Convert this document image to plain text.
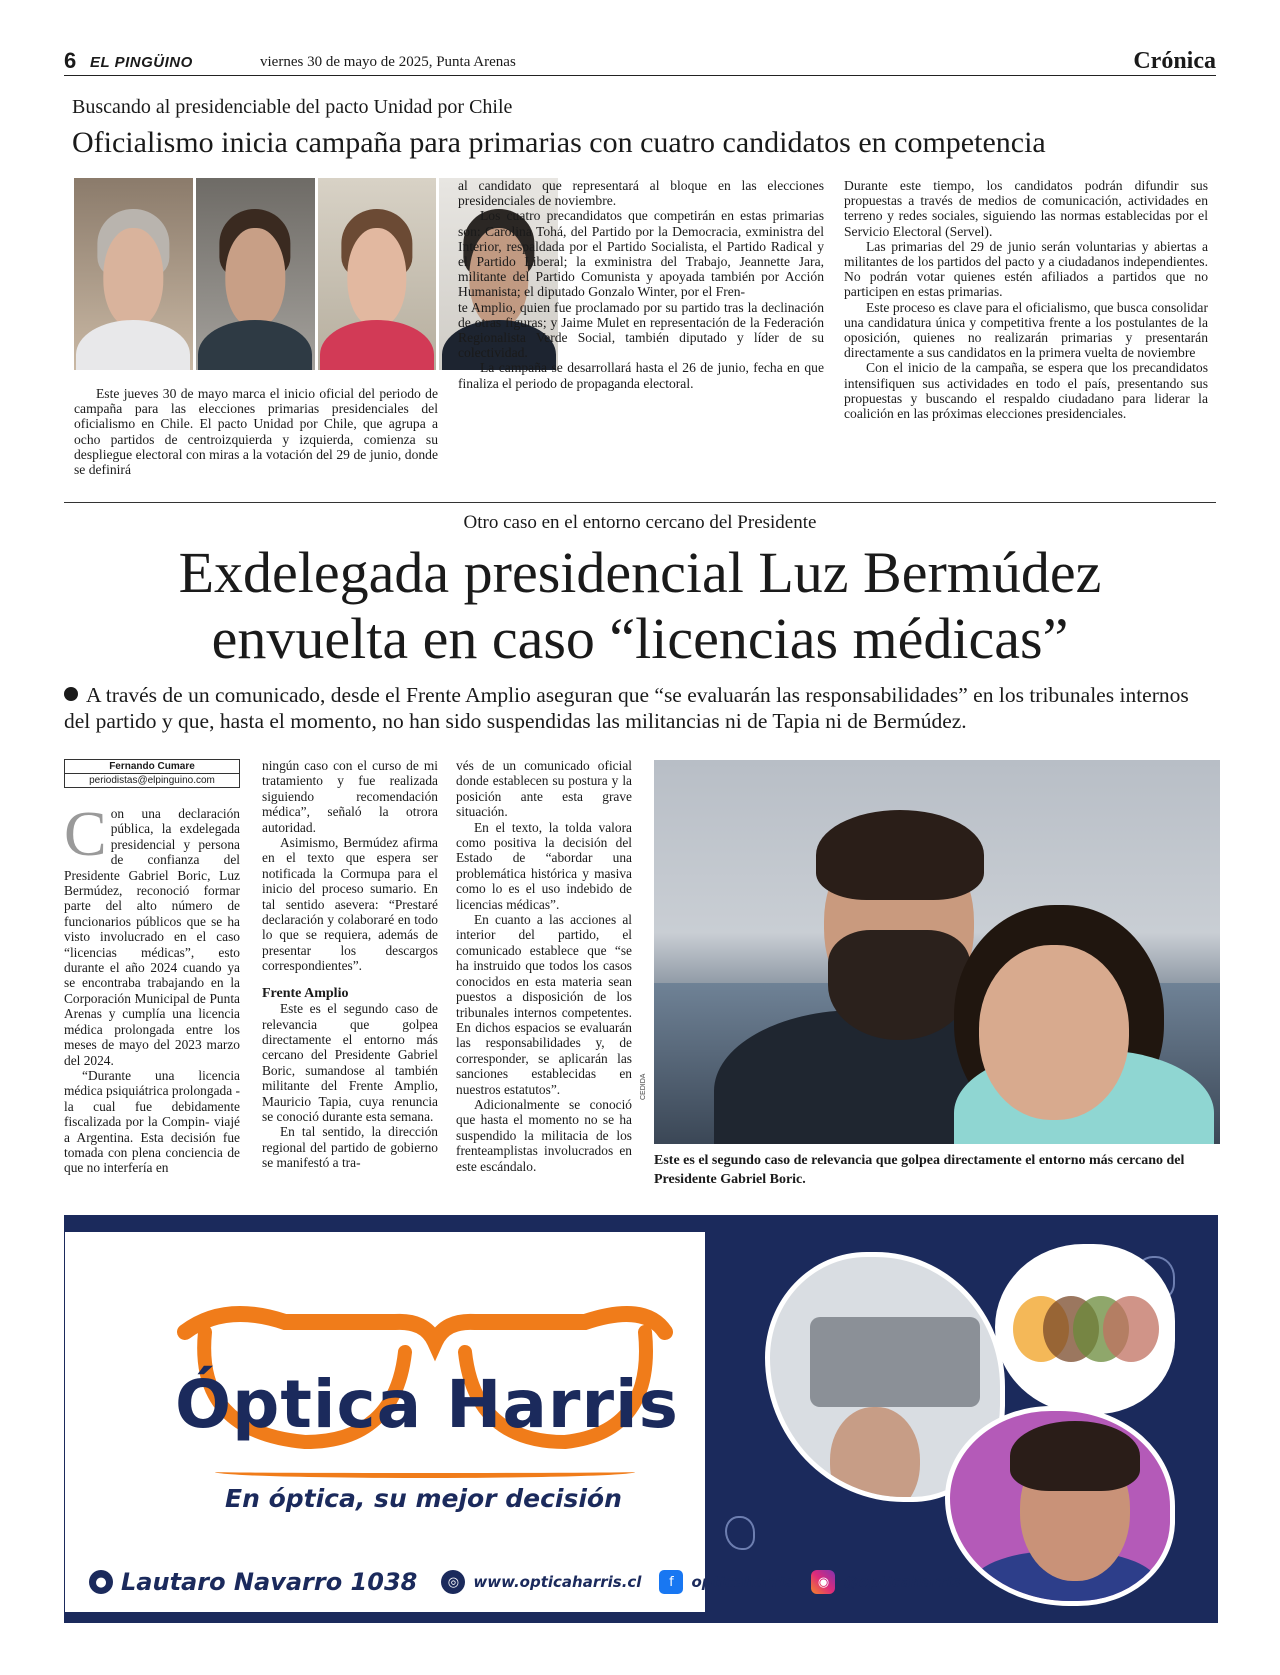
6 EL PINGÜINO	viernes 30 de mayo de 2025, Punta Arenas	Crónica
Buscando al presidenciable del pacto Unidad por Chile
Oficialismo inicia campaña para primarias con cuatro candidatos en competencia

Este jueves 30 de mayo marca el inicio oficial del periodo de campaña para las elecciones primarias presidenciales del oficialismo en Chile. El pacto Unidad por Chile, que agrupa a ocho partidos de centroizquierda y izquierda, comienza su despliegue electoral con miras a la votación del 29 de junio, donde se definirá

al candidato que representará al bloque en las elecciones presidenciales de noviembre.

Los cuatro precandidatos que competirán en estas primarias son: Carolina Tohá, del Partido por la Democracia, exministra del Interior, respaldada por el Partido Socialista, el Partido Radical y el Partido Liberal; la exministra del Trabajo, Jeannette Jara, militante del Partido Comunista y apoyada también por Acción Humanista; el diputado Gonzalo Winter, por el Fren-

te Amplio, quien fue proclamado por su partido tras la declinación de otras figuras; y Jaime Mulet en representación de la Federación Regionalista Verde Social, también diputado y líder de su colectividad.

La campaña se desarrollará hasta el 26 de junio, fecha en que finaliza el periodo de propaganda electoral.

Durante este tiempo, los candidatos podrán difundir sus propuestas a través de medios de comunicación, actividades en terreno y redes sociales, siguiendo las normas establecidas por el Servicio Electoral (Servel).

Las primarias del 29 de junio serán voluntarias y abiertas a militantes de los partidos del pacto y a ciudadanos independientes. No podrán votar quienes estén afiliados a partidos que no participen en estas primarias.

Este proceso es clave para el oficialismo, que busca consolidar una candidatura única y competitiva frente a los postulantes de la oposición, quienes no realizarán primarias y presentarán directamente a sus candidatos en la primera vuelta de noviembre

Con el inicio de la campaña, se espera que los precandidatos intensifiquen sus actividades en todo el país, presentando sus propuestas y buscando el respaldo ciudadano para liderar la coalición en las próximas elecciones presidenciales.

Otro caso en el entorno cercano del Presidente
Exdelegada presidencial Luz Bermúdez
envuelta en caso “licencias médicas”
A través de un comunicado, desde el Frente Amplio aseguran que “se evaluarán las responsabilidades” en los tribunales internos del partido y que, hasta el momento, no han sido suspendidas las militancias ni de Tapia ni de Bermúdez.
Fernando Cumare
periodistas@elpinguino.com

Con una declaración pública, la exdelegada presidencial y persona de confianza del Presidente Gabriel Boric, Luz Bermúdez, reconoció formar parte del alto número de funcionarios públicos que se ha visto involucrado en el caso “licencias médicas”, esto durante el año 2024 cuando ya se encontraba trabajando en la Corporación Municipal de Punta Arenas y cumplía una licencia médica prolongada entre los meses de mayo del 2023 marzo del 2024.

“Durante una licencia médica psiquiátrica prolongada -la cual fue debidamente fiscalizada por la Compin- viajé a Argentina. Esta decisión fue tomada con plena conciencia de que no interfería en

ningún caso con el curso de mi tratamiento y fue realizada siguiendo recomendación médica”, señaló la otrora autoridad.

Asimismo, Bermúdez afirma en el texto que espera ser notificada la Cormupa para el inicio del proceso sumario. En tal sentido asevera: “Prestaré declaración y colaboraré en todo lo que se requiera, además de presentar los descargos correspondientes”.

Frente Amplio

Este es el segundo caso de relevancia que golpea directamente el entorno más cercano del Presidente Gabriel Boric, sumandose al también militante del Frente Amplio, Mauricio Tapia, cuya renuncia se conoció durante esta semana.

En tal sentido, la dirección regional del partido de gobierno se manifestó a tra-

vés de un comunicado oficial donde establecen su postura y la posición ante esta grave situación.

En el texto, la tolda valora como positiva la decisión del Estado de “abordar una problemática histórica y masiva como lo es el uso indebido de licencias médicas”.

En cuanto a las acciones al interior del partido, el comunicado establece que “se ha instruido que todos los casos conocidos en esta materia sean puestos a disposición de los tribunales internos competentes. En dichos espacios se evaluarán las responsabilidades y, de corresponder, se aplicarán las sanciones establecidas en nuestros estatutos”.

Adicionalmente se conoció que hasta el momento no se ha suspendido la militacia de los frenteamplistas involucrados en este escándalo.

CEDIDA
Este es el segundo caso de relevancia que golpea directamente el entorno más cercano del Presidente Gabriel Boric.
Óptica Harris
En óptica, su mejor decisión
● Lautaro Navarro 1038	◎ www.opticaharris.cl	f	opticaharris	◉ @opticaharris
